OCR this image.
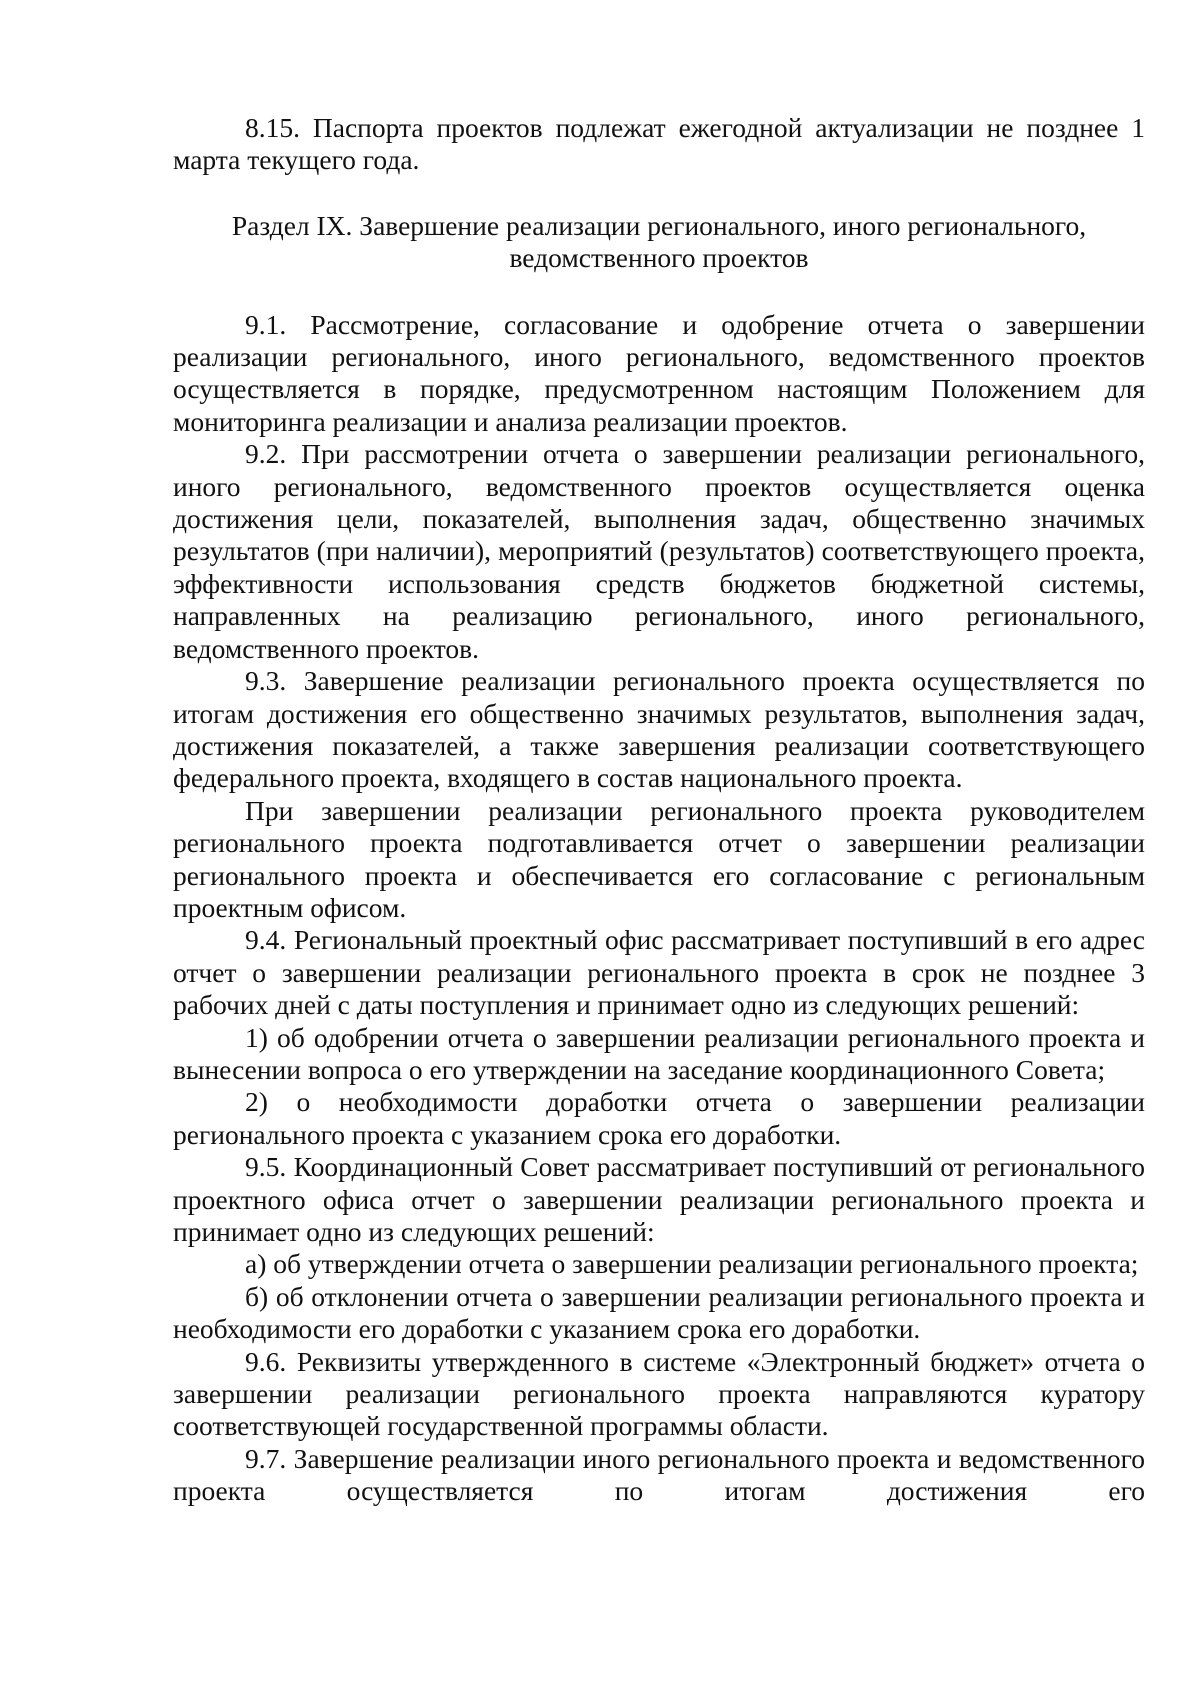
8.15. Паспорта проектов подлежат ежегодной актуализации не позднее 1 марта текущего года.

Раздел IX. Завершение реализации регионального, иного регионального,

ведомственного проектов

9.1. Рассмотрение, согласование и одобрение отчета о завершении реализации регионального, иного регионального, ведомственного проектов осуществляется в порядке, предусмотренном настоящим Положением для мониторинга реализации и анализа реализации проектов.

9.2. При рассмотрении отчета о завершении реализации регионального, иного регионального, ведомственного проектов осуществляется оценка достижения цели, показателей, выполнения задач, общественно значимых результатов (при наличии), мероприятий (результатов) соответствующего проекта, эффективности использования средств бюджетов бюджетной системы, направленных на реализацию регионального, иного регионального, ведомственного проектов.

9.3. Завершение реализации регионального проекта осуществляется по итогам достижения его общественно значимых результатов, выполнения задач, достижения показателей, а также завершения реализации соответствующего федерального проекта, входящего в состав национального проекта.

При завершении реализации регионального проекта руководителем регионального проекта подготавливается отчет о завершении реализации регионального проекта и обеспечивается его согласование с региональным проектным офисом.

9.4. Региональный проектный офис рассматривает поступивший в его адрес отчет о завершении реализации регионального проекта в срок не позднее 3 рабочих дней с даты поступления и принимает одно из следующих решений:

1) об одобрении отчета о завершении реализации регионального проекта и вынесении вопроса о его утверждении на заседание координационного Совета;

2) о необходимости доработки отчета о завершении реализации регионального проекта с указанием срока его доработки.

9.5. Координационный Совет рассматривает поступивший от регионального проектного офиса отчет о завершении реализации регионального проекта и принимает одно из следующих решений:

а) об утверждении отчета о завершении реализации регионального проекта;

б) об отклонении отчета о завершении реализации регионального проекта и необходимости его доработки с указанием срока его доработки.

9.6. Реквизиты утвержденного в системе «Электронный бюджет» отчета о завершении реализации регионального проекта направляются куратору соответствующей государственной программы области.

9.7. Завершение реализации иного регионального проекта и ведомственного проекта осуществляется по итогам достижения его
